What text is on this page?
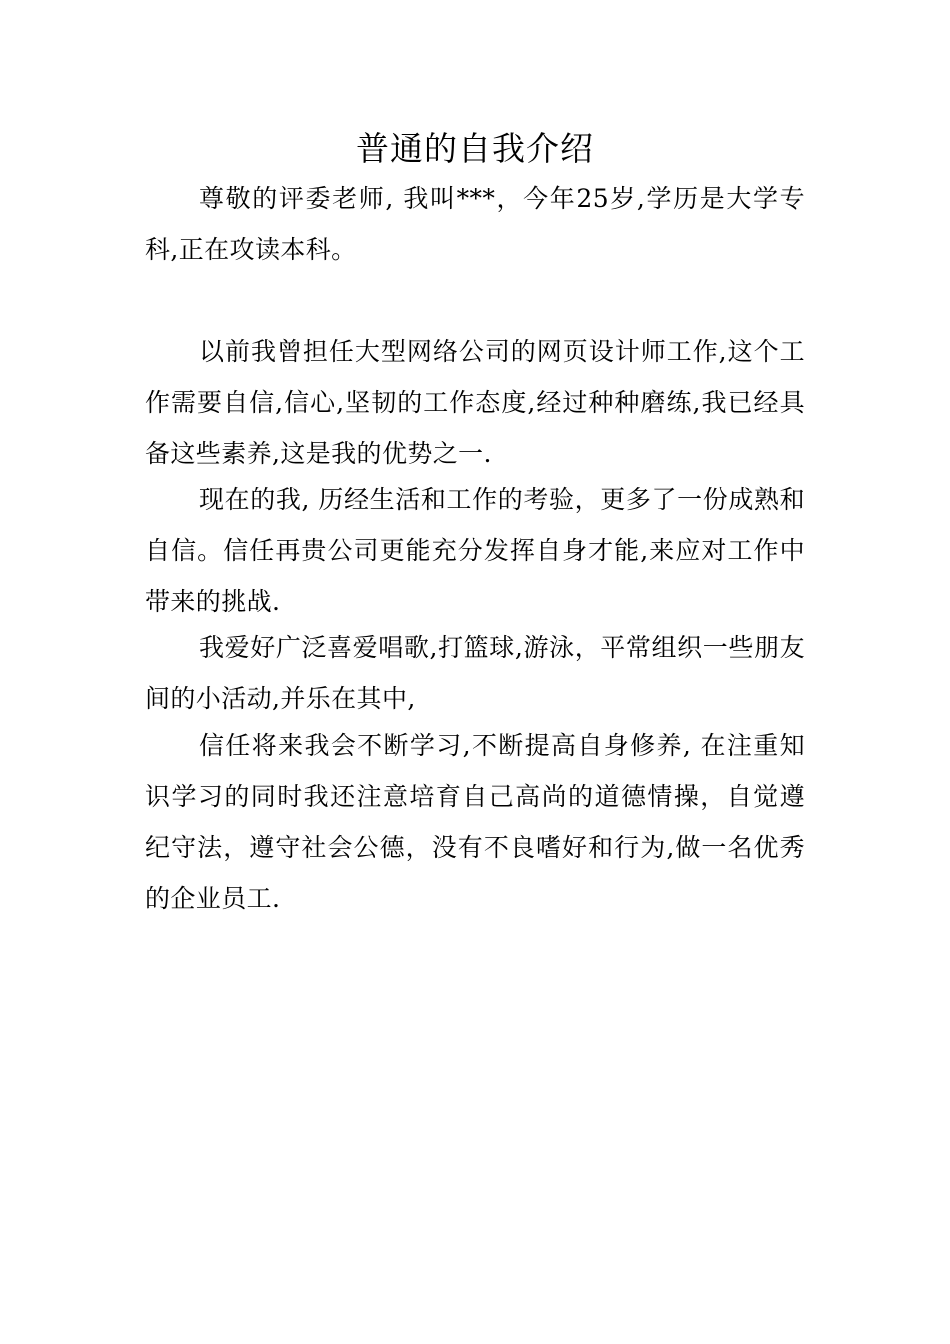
普通的自我介绍

尊敬的评委老师, 我叫***，今年25岁,学历是大学专科,正在攻读本科。

以前我曾担任大型网络公司的网页设计师工作,这个工作需要自信,信心,坚韧的工作态度,经过种种磨练,我已经具备这些素养,这是我的优势之一.

现在的我, 历经生活和工作的考验，更多了一份成熟和自信。信任再贵公司更能充分发挥自身才能,来应对工作中带来的挑战.

我爱好广泛喜爱唱歌,打篮球,游泳，平常组织一些朋友间的小活动,并乐在其中,

信任将来我会不断学习,不断提高自身修养, 在注重知识学习的同时我还注意培育自己高尚的道德情操，自觉遵纪守法，遵守社会公德，没有不良嗜好和行为,做一名优秀的企业员工.
